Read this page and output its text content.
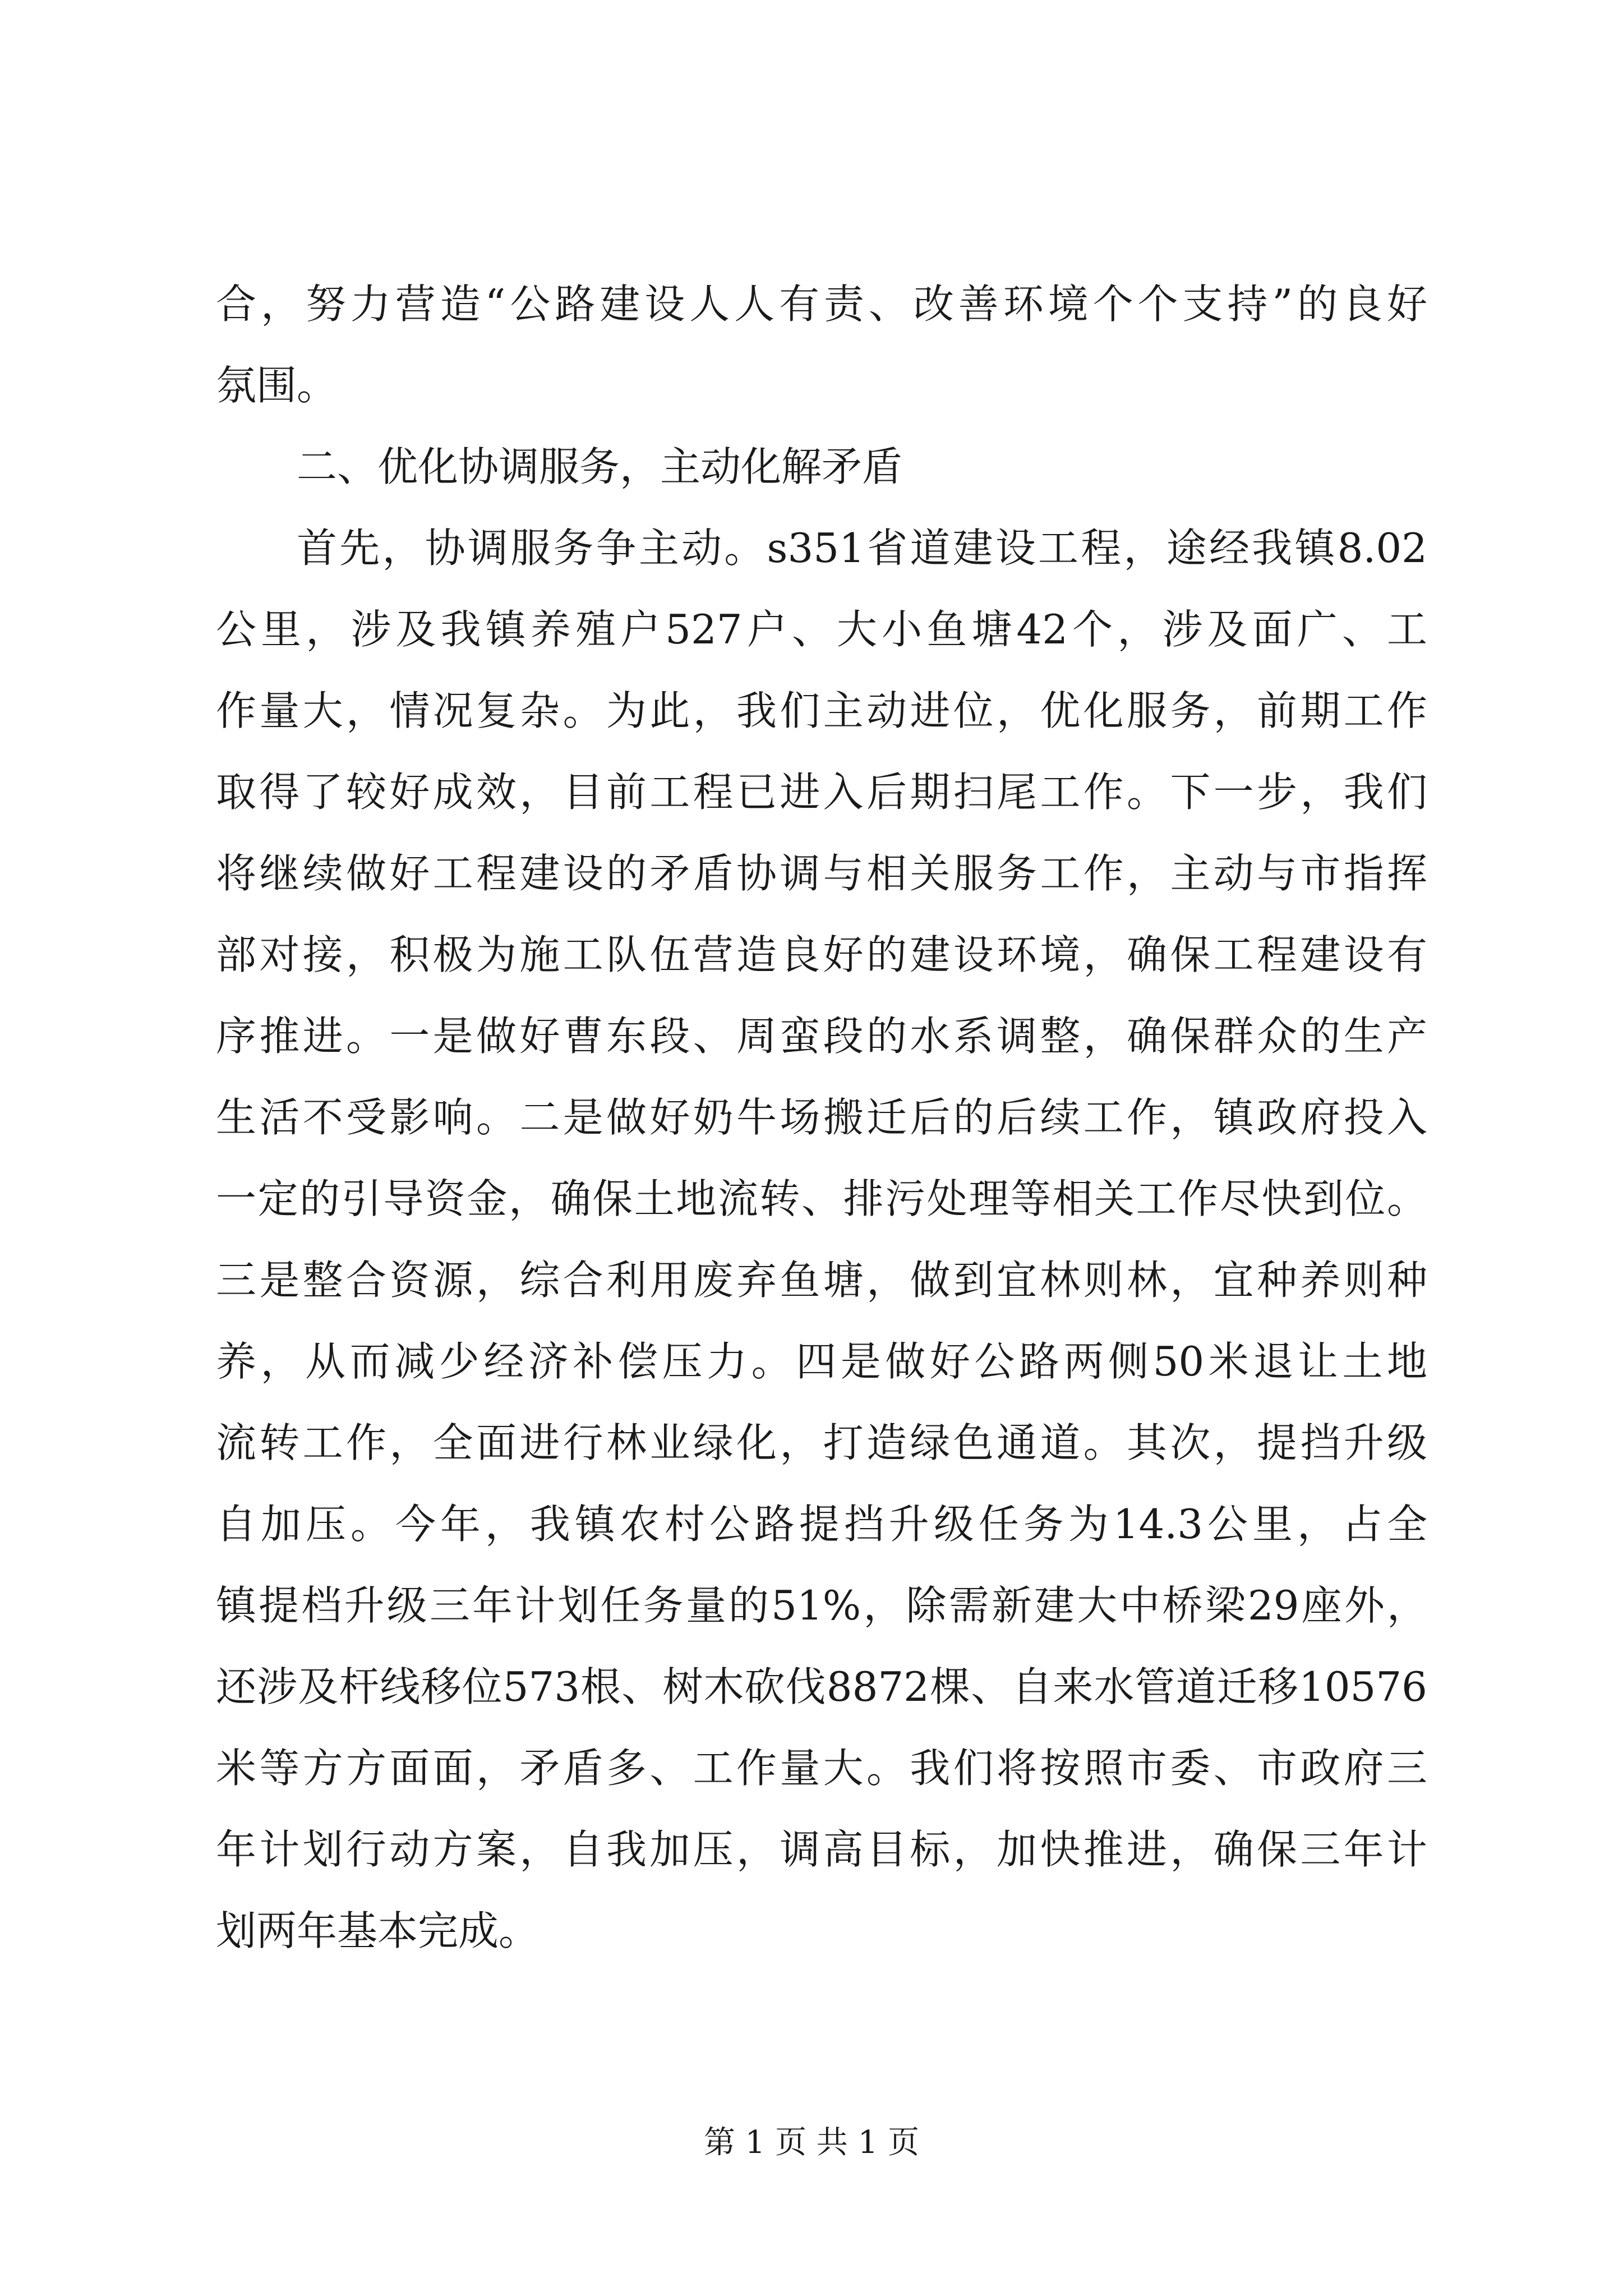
合，努力营造“公路建设人人有责、改善环境个个支持”的良好
氛围。
二、优化协调服务，主动化解矛盾
首先，协调服务争主动。s351省道建设工程，途经我镇8.02
公里，涉及我镇养殖户527户、大小鱼塘42个，涉及面广、工
作量大，情况复杂。为此，我们主动进位，优化服务，前期工作
取得了较好成效，目前工程已进入后期扫尾工作。下一步，我们
将继续做好工程建设的矛盾协调与相关服务工作，主动与市指挥
部对接，积极为施工队伍营造良好的建设环境，确保工程建设有
序推进。一是做好曹东段、周蛮段的水系调整，确保群众的生产
生活不受影响。二是做好奶牛场搬迁后的后续工作，镇政府投入
一定的引导资金，确保土地流转、排污处理等相关工作尽快到位。
三是整合资源，综合利用废弃鱼塘，做到宜林则林，宜种养则种
养，从而减少经济补偿压力。四是做好公路两侧50米退让土地
流转工作，全面进行林业绿化，打造绿色通道。其次，提挡升级
自加压。今年，我镇农村公路提挡升级任务为14.3公里，占全
镇提档升级三年计划任务量的51%，除需新建大中桥梁29座外，
还涉及杆线移位573根、树木砍伐8872棵、自来水管道迁移10576
米等方方面面，矛盾多、工作量大。我们将按照市委、市政府三
年计划行动方案，自我加压，调高目标，加快推进，确保三年计
划两年基本完成。
第 1 页 共 1 页
